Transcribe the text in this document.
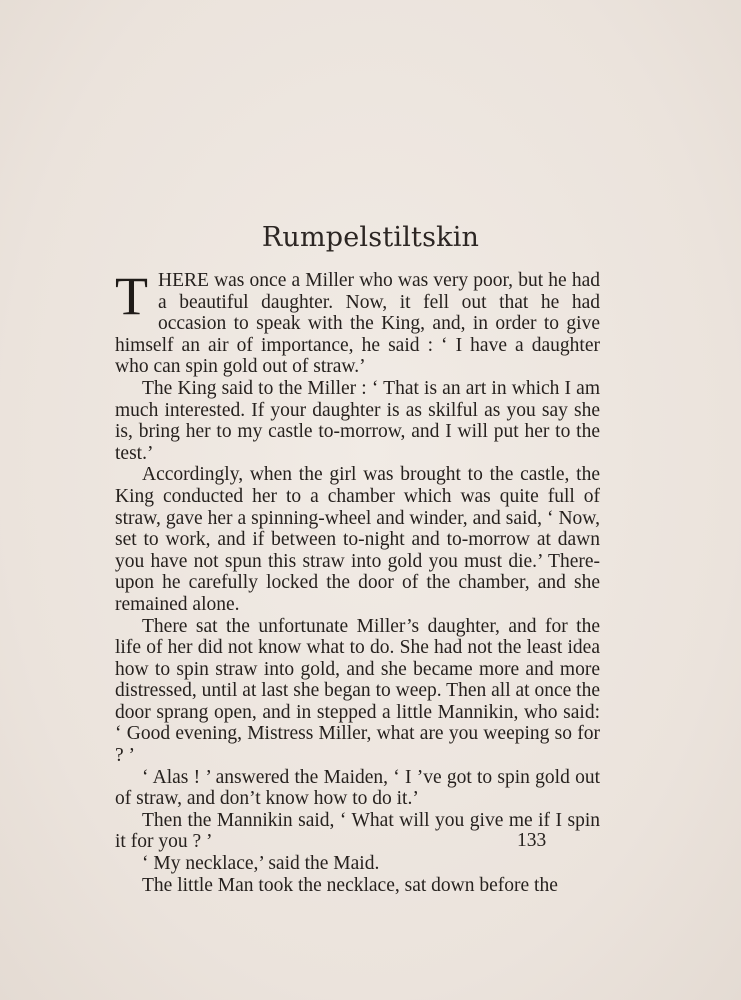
Rumpelstiltskin

THERE was once a Miller who was very poor, but he had a beautiful daughter. Now, it fell out that he had occasion to speak with the King, and, in order to give himself an air of importance, he said : ‘ I have a daughter who can spin gold out of straw.’

The King said to the Miller : ‘ That is an art in which I am much interested. If your daughter is as skilful as you say she is, bring her to my castle to-morrow, and I will put her to the test.’

Accordingly, when the girl was brought to the castle, the King conducted her to a chamber which was quite full of straw, gave her a spinning-wheel and winder, and said, ‘ Now, set to work, and if between to-night and to-morrow at dawn you have not spun this straw into gold you must die.’ There-upon he carefully locked the door of the chamber, and she remained alone.

There sat the unfortunate Miller’s daughter, and for the life of her did not know what to do. She had not the least idea how to spin straw into gold, and she became more and more distressed, until at last she began to weep. Then all at once the door sprang open, and in stepped a little Mannikin, who said: ‘ Good evening, Mistress Miller, what are you weeping so for ? ’

‘ Alas ! ’ answered the Maiden, ‘ I ’ve got to spin gold out of straw, and don’t know how to do it.’

Then the Mannikin said, ‘ What will you give me if I spin it for you ? ’

‘ My necklace,’ said the Maid.

The little Man took the necklace, sat down before the

133
